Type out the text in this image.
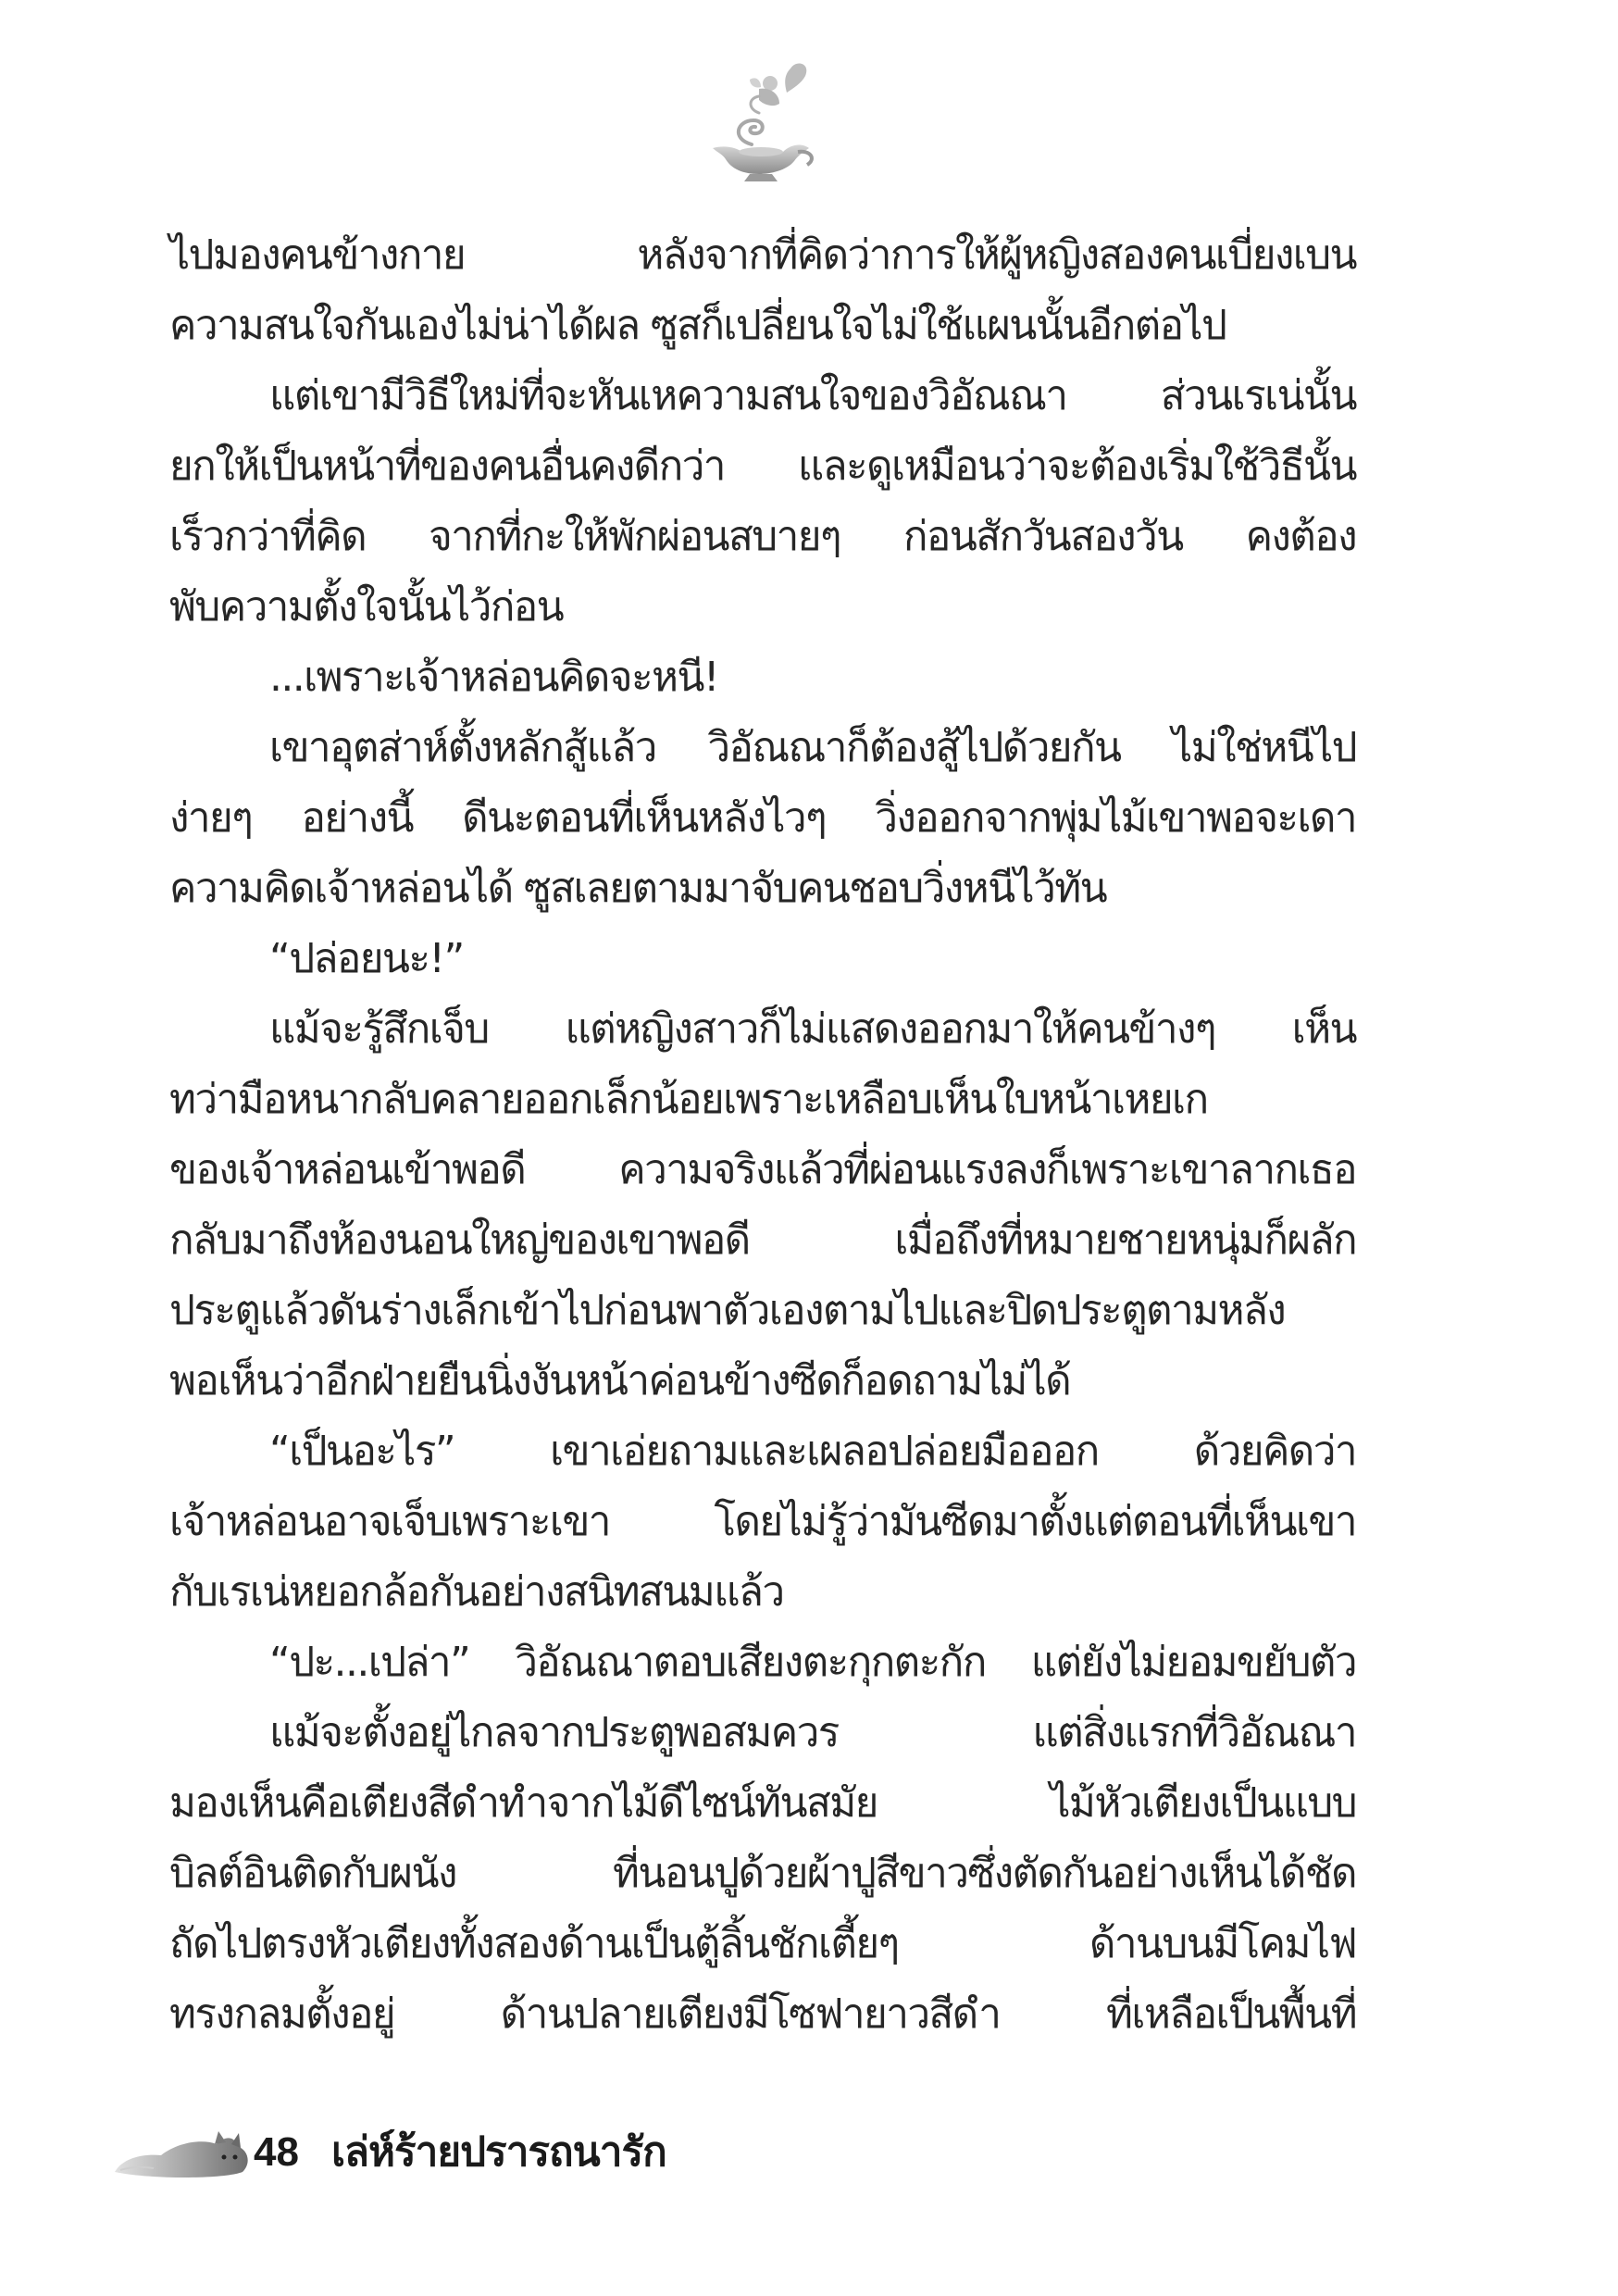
ไปมองคนข้างกาย หลังจากที่คิดว่าการให้ผู้หญิงสองคนเบี่ยงเบน
ความสนใจกันเองไม่น่าได้ผล ซูสก็เปลี่ยนใจไม่ใช้แผนนั้นอีกต่อไป
แต่เขามีวิธีใหม่ที่จะหันเหความสนใจของวิอัณณา ส่วนเรเน่นั้น
ยกให้เป็นหน้าที่ของคนอื่นคงดีกว่า และดูเหมือนว่าจะต้องเริ่มใช้วิธีนั้น
เร็วกว่าที่คิด จากที่กะให้พักผ่อนสบายๆ ก่อนสักวันสองวัน คงต้อง
พับความตั้งใจนั้นไว้ก่อน
...เพราะเจ้าหล่อนคิดจะหนี!
เขาอุตส่าห์ตั้งหลักสู้แล้ว วิอัณณาก็ต้องสู้ไปด้วยกัน ไม่ใช่หนีไป
ง่ายๆ อย่างนี้ ดีนะตอนที่เห็นหลังไวๆ วิ่งออกจากพุ่มไม้เขาพอจะเดา
ความคิดเจ้าหล่อนได้ ซูสเลยตามมาจับคนชอบวิ่งหนีไว้ทัน
“ปล่อยนะ!”
แม้จะรู้สึกเจ็บ แต่หญิงสาวก็ไม่แสดงออกมาให้คนข้างๆ เห็น
ทว่ามือหนากลับคลายออกเล็กน้อยเพราะเหลือบเห็นใบหน้าเหยเก
ของเจ้าหล่อนเข้าพอดี ความจริงแล้วที่ผ่อนแรงลงก็เพราะเขาลากเธอ
กลับมาถึงห้องนอนใหญ่ของเขาพอดี เมื่อถึงที่หมายชายหนุ่มก็ผลัก
ประตูแล้วดันร่างเล็กเข้าไปก่อนพาตัวเองตามไปและปิดประตูตามหลัง
พอเห็นว่าอีกฝ่ายยืนนิ่งงันหน้าค่อนข้างซีดก็อดถามไม่ได้
“เป็นอะไร” เขาเอ่ยถามและเผลอปล่อยมือออก ด้วยคิดว่า
เจ้าหล่อนอาจเจ็บเพราะเขา โดยไม่รู้ว่ามันซีดมาตั้งแต่ตอนที่เห็นเขา
กับเรเน่หยอกล้อกันอย่างสนิทสนมแล้ว
“ปะ...เปล่า” วิอัณณาตอบเสียงตะกุกตะกัก แต่ยังไม่ยอมขยับตัว
แม้จะตั้งอยู่ไกลจากประตูพอสมควร แต่สิ่งแรกที่วิอัณณา
มองเห็นคือเตียงสีดำทำจากไม้ดีไซน์ทันสมัย ไม้หัวเตียงเป็นแบบ
บิลต์อินติดกับผนัง ที่นอนปูด้วยผ้าปูสีขาวซึ่งตัดกันอย่างเห็นได้ชัด
ถัดไปตรงหัวเตียงทั้งสองด้านเป็นตู้ลิ้นชักเตี้ยๆ ด้านบนมีโคมไฟ
ทรงกลมตั้งอยู่ ด้านปลายเตียงมีโซฟายาวสีดำ ที่เหลือเป็นพื้นที่
48 เล่ห์ร้ายปรารถนารัก
